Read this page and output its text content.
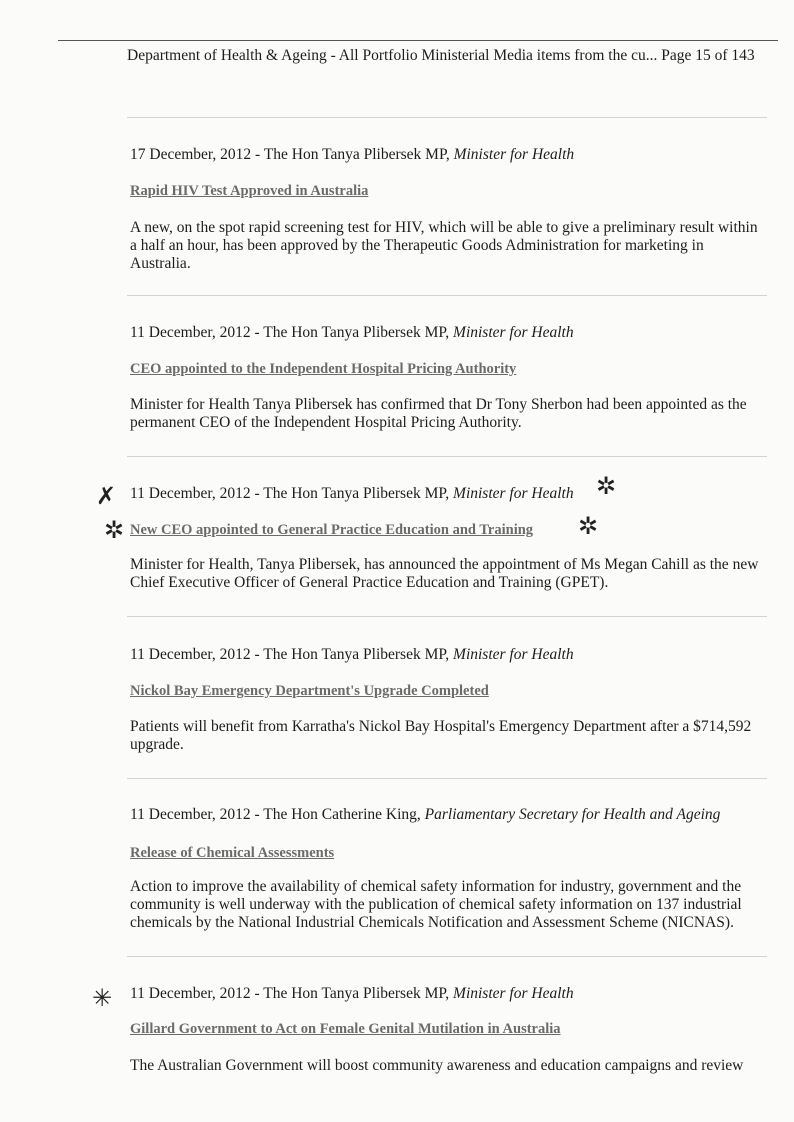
Department of Health & Ageing - All Portfolio Ministerial Media items from the cu... Page 15 of 143
17 December, 2012 - The Hon Tanya Plibersek MP, Minister for Health
Rapid HIV Test Approved in Australia
A new, on the spot rapid screening test for HIV, which will be able to give a preliminary result within a half an hour, has been approved by the Therapeutic Goods Administration for marketing in Australia.
11 December, 2012 - The Hon Tanya Plibersek MP, Minister for Health
CEO appointed to the Independent Hospital Pricing Authority
Minister for Health Tanya Plibersek has confirmed that Dr Tony Sherbon had been appointed as the permanent CEO of the Independent Hospital Pricing Authority.
✗ 11 December, 2012 - The Hon Tanya Plibersek MP, Minister for Health ✲
✲ New CEO appointed to General Practice Education and Training ✲
Minister for Health, Tanya Plibersek, has announced the appointment of Ms Megan Cahill as the new Chief Executive Officer of General Practice Education and Training (GPET).
11 December, 2012 - The Hon Tanya Plibersek MP, Minister for Health
Nickol Bay Emergency Department's Upgrade Completed
Patients will benefit from Karratha's Nickol Bay Hospital's Emergency Department after a $714,592 upgrade.
11 December, 2012 - The Hon Catherine King, Parliamentary Secretary for Health and Ageing
Release of Chemical Assessments
Action to improve the availability of chemical safety information for industry, government and the community is well underway with the publication of chemical safety information on 137 industrial chemicals by the National Industrial Chemicals Notification and Assessment Scheme (NICNAS).
✳ 11 December, 2012 - The Hon Tanya Plibersek MP, Minister for Health
Gillard Government to Act on Female Genital Mutilation in Australia
The Australian Government will boost community awareness and education campaigns and review
